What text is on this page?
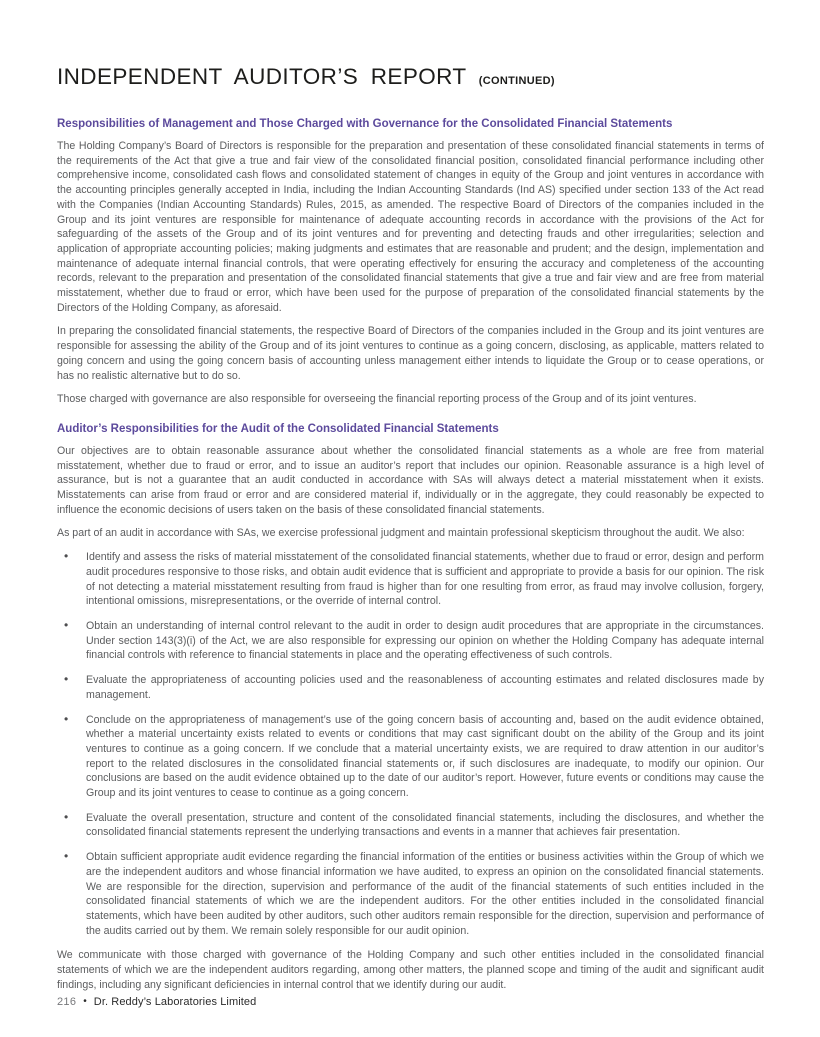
INDEPENDENT AUDITOR’S REPORT (CONTINUED)
Responsibilities of Management and Those Charged with Governance for the Consolidated Financial Statements

The Holding Company’s Board of Directors is responsible for the preparation and presentation of these consolidated financial statements in terms of the requirements of the Act that give a true and fair view of the consolidated financial position, consolidated financial performance including other comprehensive income, consolidated cash flows and consolidated statement of changes in equity of the Group and joint ventures in accordance with the accounting principles generally accepted in India, including the Indian Accounting Standards (Ind AS) specified under section 133 of the Act read with the Companies (Indian Accounting Standards) Rules, 2015, as amended. The respective Board of Directors of the companies included in the Group and its joint ventures are responsible for maintenance of adequate accounting records in accordance with the provisions of the Act for safeguarding of the assets of the Group and of its joint ventures and for preventing and detecting frauds and other irregularities; selection and application of appropriate accounting policies; making judgments and estimates that are reasonable and prudent; and the design, implementation and maintenance of adequate internal financial controls, that were operating effectively for ensuring the accuracy and completeness of the accounting records, relevant to the preparation and presentation of the consolidated financial statements that give a true and fair view and are free from material misstatement, whether due to fraud or error, which have been used for the purpose of preparation of the consolidated financial statements by the Directors of the Holding Company, as aforesaid.

In preparing the consolidated financial statements, the respective Board of Directors of the companies included in the Group and its joint ventures are responsible for assessing the ability of the Group and of its joint ventures to continue as a going concern, disclosing, as applicable, matters related to going concern and using the going concern basis of accounting unless management either intends to liquidate the Group or to cease operations, or has no realistic alternative but to do so.

Those charged with governance are also responsible for overseeing the financial reporting process of the Group and of its joint ventures.

Auditor’s Responsibilities for the Audit of the Consolidated Financial Statements

Our objectives are to obtain reasonable assurance about whether the consolidated financial statements as a whole are free from material misstatement, whether due to fraud or error, and to issue an auditor’s report that includes our opinion. Reasonable assurance is a high level of assurance, but is not a guarantee that an audit conducted in accordance with SAs will always detect a material misstatement when it exists. Misstatements can arise from fraud or error and are considered material if, individually or in the aggregate, they could reasonably be expected to influence the economic decisions of users taken on the basis of these consolidated financial statements.

As part of an audit in accordance with SAs, we exercise professional judgment and maintain professional skepticism throughout the audit. We also:

• Identify and assess the risks of material misstatement of the consolidated financial statements, whether due to fraud or error, design and perform audit procedures responsive to those risks, and obtain audit evidence that is sufficient and appropriate to provide a basis for our opinion. The risk of not detecting a material misstatement resulting from fraud is higher than for one resulting from error, as fraud may involve collusion, forgery, intentional omissions, misrepresentations, or the override of internal control.
• Obtain an understanding of internal control relevant to the audit in order to design audit procedures that are appropriate in the circumstances. Under section 143(3)(i) of the Act, we are also responsible for expressing our opinion on whether the Holding Company has adequate internal financial controls with reference to financial statements in place and the operating effectiveness of such controls.
• Evaluate the appropriateness of accounting policies used and the reasonableness of accounting estimates and related disclosures made by management.
• Conclude on the appropriateness of management’s use of the going concern basis of accounting and, based on the audit evidence obtained, whether a material uncertainty exists related to events or conditions that may cast significant doubt on the ability of the Group and its joint ventures to continue as a going concern. If we conclude that a material uncertainty exists, we are required to draw attention in our auditor’s report to the related disclosures in the consolidated financial statements or, if such disclosures are inadequate, to modify our opinion. Our conclusions are based on the audit evidence obtained up to the date of our auditor’s report. However, future events or conditions may cause the Group and its joint ventures to cease to continue as a going concern.
• Evaluate the overall presentation, structure and content of the consolidated financial statements, including the disclosures, and whether the consolidated financial statements represent the underlying transactions and events in a manner that achieves fair presentation.
• Obtain sufficient appropriate audit evidence regarding the financial information of the entities or business activities within the Group of which we are the independent auditors and whose financial information we have audited, to express an opinion on the consolidated financial statements. We are responsible for the direction, supervision and performance of the audit of the financial statements of such entities included in the consolidated financial statements of which we are the independent auditors. For the other entities included in the consolidated financial statements, which have been audited by other auditors, such other auditors remain responsible for the direction, supervision and performance of the audits carried out by them. We remain solely responsible for our audit opinion.

We communicate with those charged with governance of the Holding Company and such other entities included in the consolidated financial statements of which we are the independent auditors regarding, among other matters, the planned scope and timing of the audit and significant audit findings, including any significant deficiencies in internal control that we identify during our audit.

216 • Dr. Reddy’s Laboratories Limited
